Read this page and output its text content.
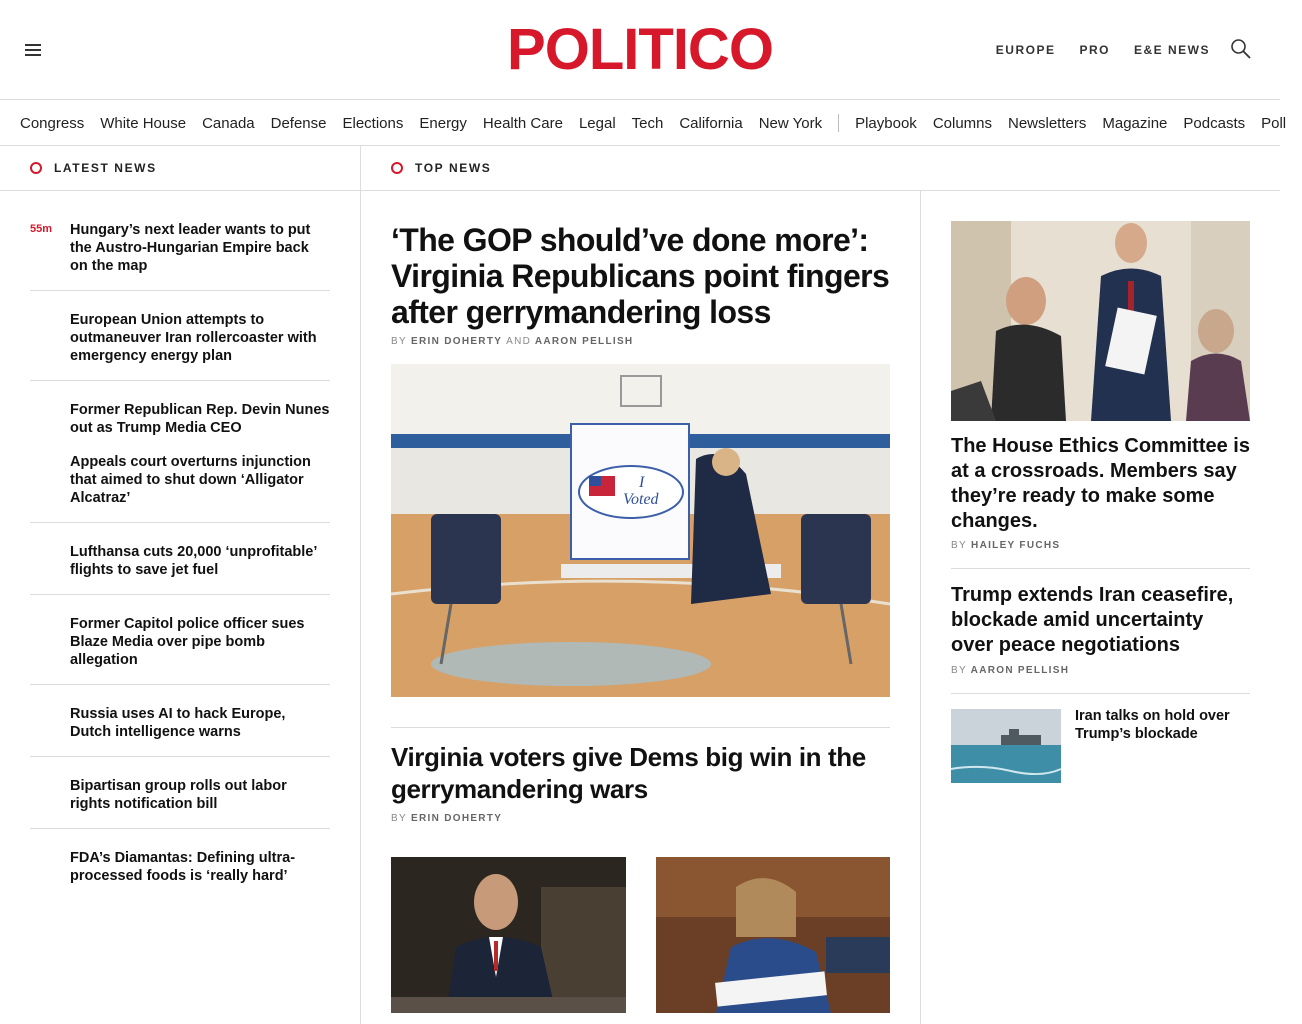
POLITICO	EUROPE PRO E&E NEWS
Congress White House Canada Defense Elections Energy Health Care Legal Tech California New York Playbook Columns Newsletters Magazine Podcasts Poll
LATEST NEWS	TOP NEWS
55m Hungary’s next leader wants to put the Austro-Hungarian Empire back on the map
European Union attempts to outmaneuver Iran rollercoaster with emergency energy plan
Former Republican Rep. Devin Nunes out as Trump Media CEO
Appeals court overturns injunction that aimed to shut down ‘Alligator Alcatraz’
Lufthansa cuts 20,000 ‘unprofitable’ flights to save jet fuel
Former Capitol police officer sues Blaze Media over pipe bomb allegation
Russia uses AI to hack Europe, Dutch intelligence warns
Bipartisan group rolls out labor rights notification bill
FDA’s Diamantas: Defining ultra-processed foods is ‘really hard’
‘The GOP should’ve done more’: Virginia Republicans point fingers after gerrymandering loss
BY ERIN DOHERTY AND AARON PELLISH
I
Voted
Virginia voters give Dems big win in the gerrymandering wars
BY ERIN DOHERTY
The House Ethics Committee is at a crossroads. Members say they’re ready to make some changes.
BY HAILEY FUCHS
Trump extends Iran ceasefire, blockade amid uncertainty over peace negotiations
BY AARON PELLISH
Iran talks on hold over Trump’s blockade
